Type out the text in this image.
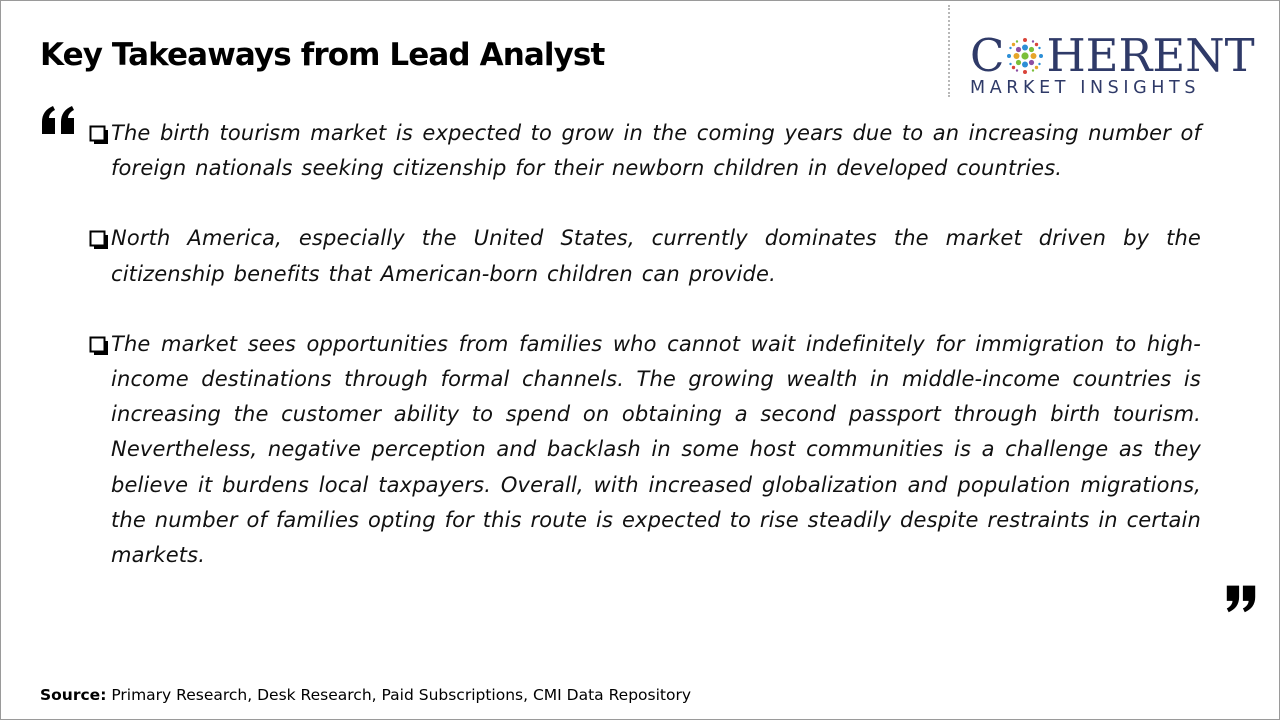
Key Takeaways from Lead Analyst	C HERENT
MARKET INSIGHTS
The birth tourism market is expected to grow in the coming years due to an increasing number of foreign nationals seeking citizenship for their newborn children in developed countries.
North America, especially the United States, currently dominates the market driven by the citizenship benefits that American-born children can provide.
The market sees opportunities from families who cannot wait indefinitely for immigration to high-income destinations through formal channels. The growing wealth in middle-income countries is increasing the customer ability to spend on obtaining a second passport through birth tourism. Nevertheless, negative perception and backlash in some host communities is a challenge as they believe it burdens local taxpayers. Overall, with increased globalization and population migrations, the number of families opting for this route is expected to rise steadily despite restraints in certain markets.
Source: Primary Research, Desk Research, Paid Subscriptions, CMI Data Repository
